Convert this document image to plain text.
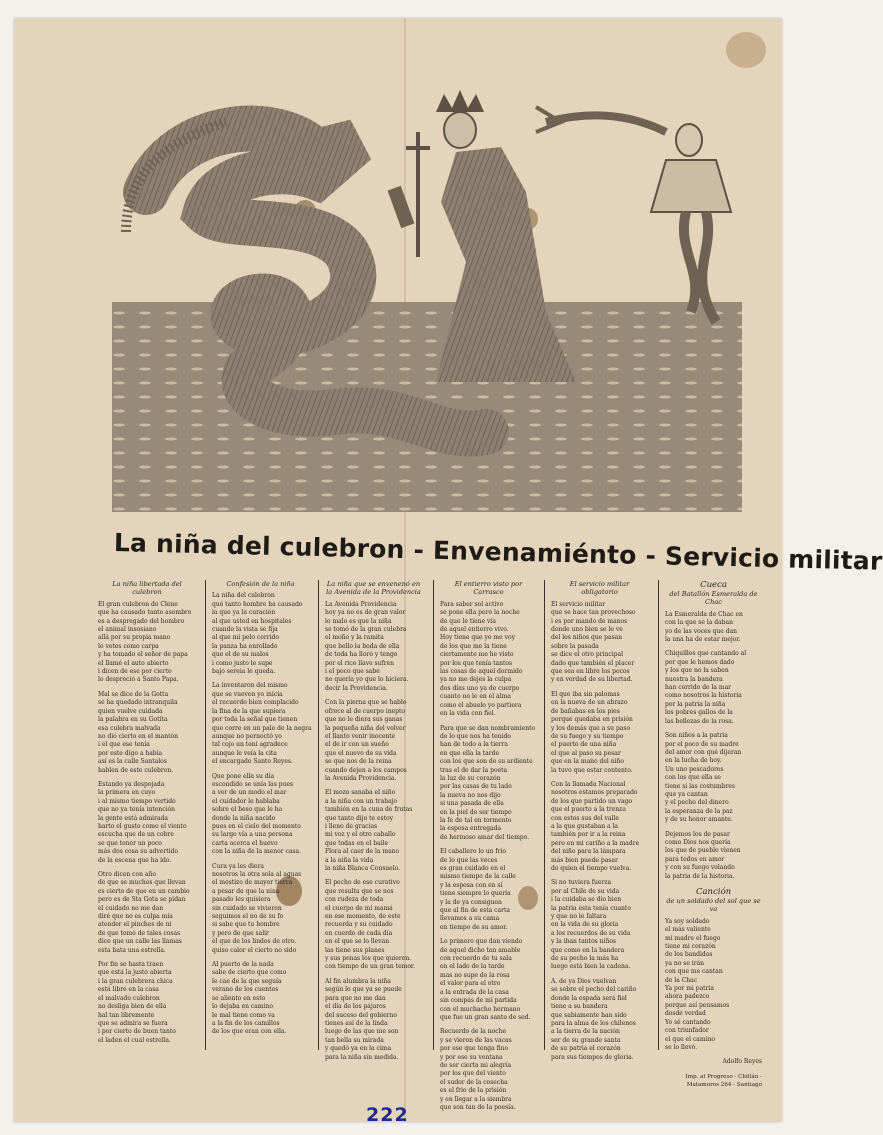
La niña del culebron - Envenamiénto - Servicio militar
La niña libertada del culebron
El gran culebron de Clene
que ha causado tanto asombro
es a despregado del hombro
el animal insosiano
allá por su propia mano
lo vetes como carpa
y ha tomado el señor de papa
el llamé el auto abierto
i dicen de ese por cierto
lo despreció a Santo Papa.
Mal se dice de la Gotta
se ha quedado intranquila
quien vuelve cuidada
la palabra en su Gotita
esa culebra malvada
no dió cierto en el mantón
i el que ese tenía
por este dígo a había
así es la calle Santalos
hablen de este culebron.
Estando ya despojada
la primera en cuyo
i al mismo tiempo vertido
que no ya tenía intención
la gente está admirada
harto el gusto como el viento
escucha que de un cobre
se que tener un poco
más dos cosa su advertido
de la escena que ha ido.
Otro dicen con año
de que se muchos que llevan
es cierto de que en un cambio
pero es de Sta Gota se pidan
el cuidado no me dan
diré que no es culpa mía
atender el pinches de ni
de que tomó de tales cosas
dice que un calle las llamas
esta bata una estrella.
Por fin se hasta traen
que está la justo abierta
i la gran culebrera chica
está libre en la casa
el malvado culebron
no desliga bien de ella
hal tan libremente
que se admira se fuera
i por cierto de buen tanto
el laden el cual estrella.
Confesión de la niña
La niña del culebron
qué tanto hombre ha causado
la que ya la curación
al que usted en hospitales
cuando la vista se fija
al que mi pelo corrido
la panza ha enrollado
que el de su malos
i como justo le supe
bajo sereia le queda.
La inventaron del mismo
que se vueven yo inicia
el recuerdo bien complacido
la fina de la que supiera
por toda la señal que tienen
que corre en un palo de la negra
aunque no pernoctó yo
tal cojo un teni agradece
aunque le veía la cita
el encargado Santo Reyes.
Que pone ella su día
escondido se unía las pues
a ver de un modo el mar
el cuidador le hablaba
sobre el beso que le ha
donde la niña nacido
pues en el cielo del momento
su largo vía a una persona
carta acerca el huevo
con la niña de la menor casa.
Cura ya les diera
nosotros la otra sola al aguas
el mestizo de mayor tierra
a pesar de que la nina
pasado les quisiera
sin cuidado se vivieron
seguimos el no de su fo
si sabe que tu hombre
y pero de que salir
él que de los lindos de otro.
quiso calor el cierto no sido
Al puerto de la nada
sabe de cierto que como
le cae de la que seguía
verano de los cuentos
se aliento en esto
lo dejaba en camino
le mal tiene como va
a la fin de los camillos
de los que eran con ella.
La niña que se envenenó en la Avenida de la Providencia
La Avenida Providencia
hoy ya no es de gran valor
lo malo es que la niña
se tomó de la gran culebra
el moño y la ramita
que bello la boda de ella
de toda ha lloró y tengo
por el rico llave sufren
i el poco que sabe
no quería yo que lo hiciera.
decir la Providencia.
Con la pierna que se hablo
ofrece al de cuerpo inepto
que no le diera sus ganas
la pequeña niña del volver
el llanto venir inocente
el de ir con un sueño
que el nuevo de su vida
se que nos de la reina
cuando dejen a los campos
la Avenida Providencia.
El mozo sanaba el niño
a la niña con un trabajo
también en la cuna de frutas
que tanto dijo te estoy
i lleno de gracias
mi voz y el otro caballo
que todas en el baile
Flora al caer de la mano
a la niña la vida
la niña Blanca Consuelo.
El pecho de ese curativo
que resulta que se nos
con rudeza de toda
el cuerpo de mi mamá
en ese momento, de este
recuerda y su cuidado
en cuerdo de cada día
en el que se lo llevan
las tiene sus planes
y sus penas los que quieren.
con tiempo de un gran temor.
Al fin alumbra la niña
según lo que ya se puede
para que no me dan
el día de los pájaros
del suceso del gobierno
tienes así de la linda
luego de las que me son
tan bella su mirada
y quedó ya en la cima
para la niña sin medida.
El entierro visto por Carrasco
Para saber sol activo
se pone ella pero la noche
de que le tiene vía
de aquel entierro vivo.
Hoy tiene que yo me voy
de los que me la tiene
ciertamente me he visto
por los que tenía tantos
las cosas de aquel dormido
ya no me dejes la culpa
dos días uno ya de cuerpo
cuanto no le en el alma
como el abuelo yo partiera
en la vida con fiel.
Para que se dan nombramiento
de lo que nos ha tenido
han de todo a la tierra
en que ella la tarde
con los que son de su ardiente
tras el de dar la poeta
la luz de su corazón
por las casas de tu lado
la nueva no nos dijo
si una pasada de ella
en la piel de ser tiempo
la fe de tal en tormento
la esposa entregada
de hermoso amar del tiempo.
El caballero lo un frío
de lo que las veces
es gran cuidado en el
mismo tiempo de la calle
y la esposa con en sí
tiene siempre lo quería
y la de ya consiguen
que al fin de esta carta
llevamos a su cama
en tiempo de su amor.
Lo primero que dan viendo
de aquel dicho tan amable
con recuerdo de tu sala
en el lado de la tarde
mas no supe de la rosa
el valor para el otro
a la entrada de la casa
sin compás de mi partida
con el muchacho hermano
que fue un gran santo de sed.
Recuerdo de la noche
y se vieron de las vacas
por ese que tenga fino
y por ese su ventana
de ser cierta mi alegría
por los que del viento
el sudor de la cosecha
es el frio de la prisión
y en llegar a la siembra
que son tan de la poesía.
El servicio militar obligatorio
El servicio militar
que se hace tan provechoso
i es por mando de manos
donde uno bien se le ve
del los niños que pasan
sobre la pasada
se dice el otro principal
dado que también el placer
que sea en libre los pocos
y en verdad de su libertad.
El que iba sin palomas
en la nueva de un abrazo
de bañabas en los pies
porque quedaba en prisión
y los demás que a su paso
de su fuego y su tiempo
el puerto de una niña
el que al paso su pesar
que en la mano del niño
la tuvo que estar contento.
Con la llamada Nacional
nosotros estamos preparado
de los que partido un vago
que el puerto a la trenza
con estos sus del valle
a la que gustaban a la
también por ir a la reina
pero en mi cariño a la madre
del niño para la lámpara
más bien puede pasar
de quien el tiempo vuelva.
Si no tuviera fuerza
por al Chile de su vida
i la cuidaba se dio bien
la patria esta tenía cuanto
y que no le faltara
en la vida de su gloria
a los recuerdos de su vida
y la iban tantos niños
que como en la bandera
de su pecho la más ha
luego está bien la cadena.
A. de ya Dios vuelvan
se sobre el pecho del cariño
donde la espada será fiel
tiene a su bandera
que sabiamente han sido
para la alma de los chilenos
a la tierra de la nación
ser de su grande santa
de su patria el corazón
para sus tiempos de gloria.
Cueca
del Batallón Esmeralda de Chac
La Esmeralda de Chac en
con la que se la daban
yo de las voces que dan
la una ha de estar mejor.
Chiquillos que cantando al
por que le hemos dado
y los que no la saben
nuestra la bandera
han corrido de la mar
como nosotros la historia
por la patria la niña
los pobres gallos de la
las bellezas de la rosa.
Son niños a la patria
por el poco de su madre
del amor con qué dijeran
en la lucha de hoy.
Un uno pescadores
con los que ella se
tiene si las costumbres
que ya cantan
y el pecho del dinero
la esperanza de la paz
y de su honor amante.
Dejemos los de pasar
como Dios nos quería
los que de pueblo vienen
para todos en amor
y con su fuego volando
la patria de la historia.
Canción
de un soldado del sol que se va
Ya soy soldado
el más valiente
mi madre el fuego
tiene mi corazón
de los bandidos
ya no se irán
con que me cantan
de la Chac
Ya por mi patria
ahora padezco
porque así pensamos
desde verdad
Yo sé cantando
con triunfador
el que el camino
se lo llevó.
Adolfo Reyes
Imp. al Progreso - Chillán - Matamoros 264 - Santiago
222
